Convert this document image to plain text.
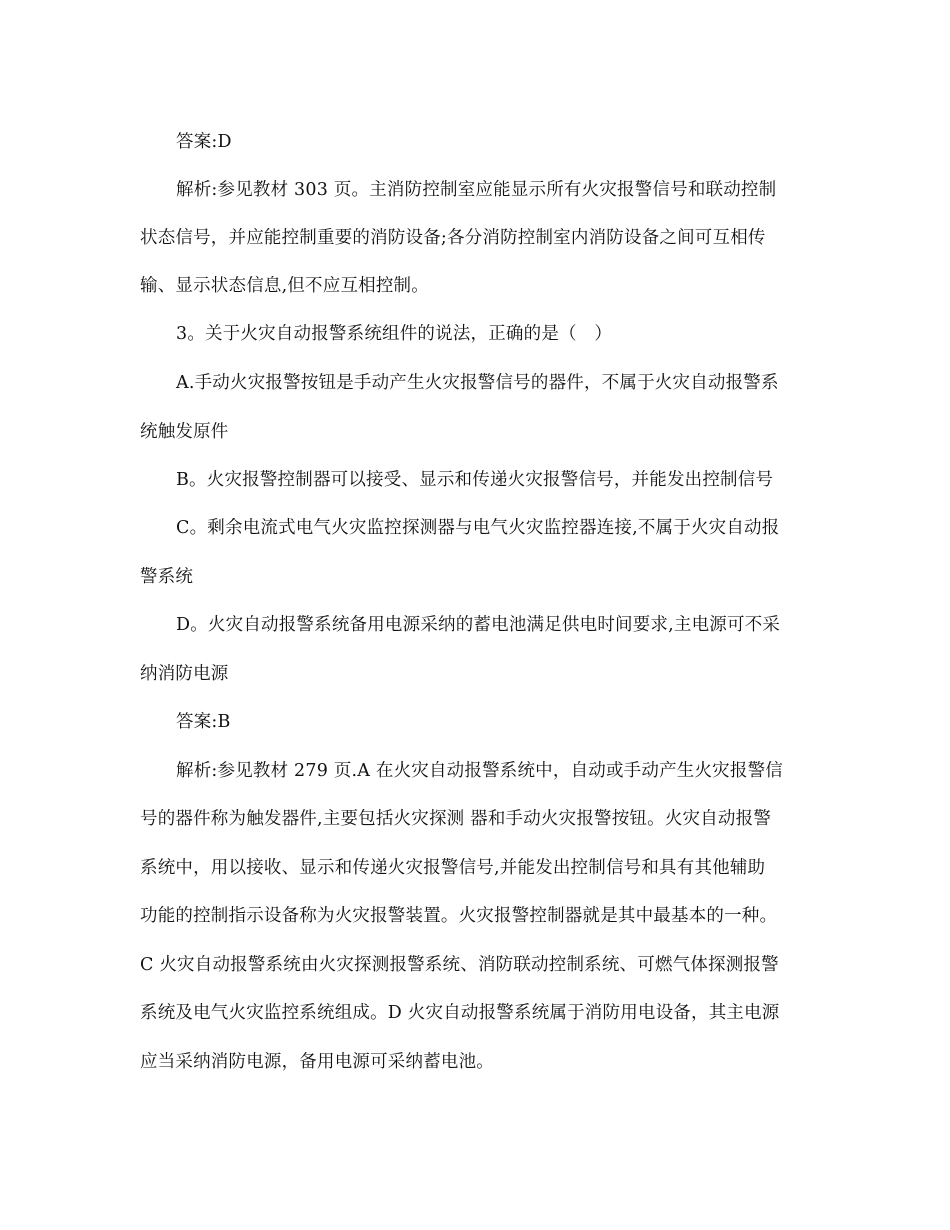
答案:D
解析:参见教材 303 页。主消防控制室应能显示所有火灾报警信号和联动控制
状态信号，并应能控制重要的消防设备;各分消防控制室内消防设备之间可互相传
输、显示状态信息,但不应互相控制。
3。关于火灾自动报警系统组件的说法，正确的是（　）
A.手动火灾报警按钮是手动产生火灾报警信号的器件，不属于火灾自动报警系
统触发原件
B。火灾报警控制器可以接受、显示和传递火灾报警信号，并能发出控制信号
C。剩余电流式电气火灾监控探测器与电气火灾监控器连接,不属于火灾自动报
警系统
D。火灾自动报警系统备用电源采纳的蓄电池满足供电时间要求,主电源可不采
纳消防电源
答案:B
解析:参见教材 279 页.A 在火灾自动报警系统中，自动或手动产生火灾报警信
号的器件称为触发器件,主要包括火灾探测 器和手动火灾报警按钮。火灾自动报警
系统中，用以接收、显示和传递火灾报警信号,并能发出控制信号和具有其他辅助
功能的控制指示设备称为火灾报警装置。火灾报警控制器就是其中最基本的一种。
C 火灾自动报警系统由火灾探测报警系统、消防联动控制系统、可燃气体探测报警
系统及电气火灾监控系统组成。D 火灾自动报警系统属于消防用电设备，其主电源
应当采纳消防电源，备用电源可采纳蓄电池。
